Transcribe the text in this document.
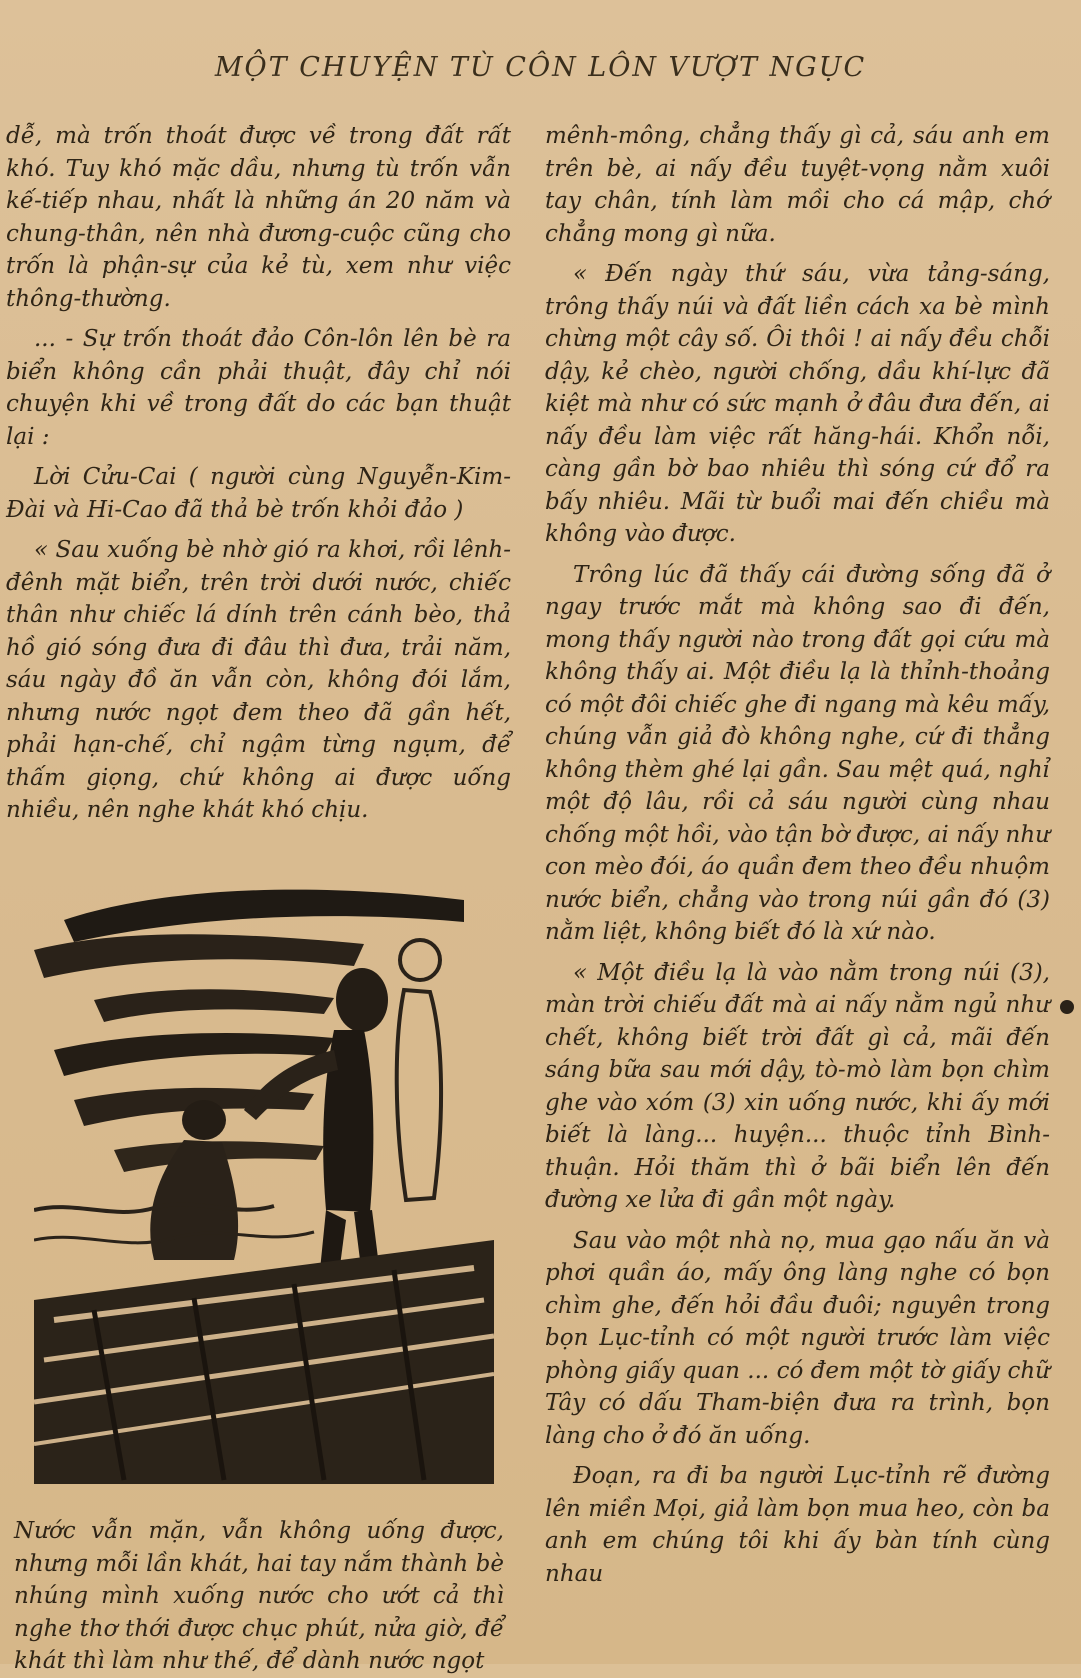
MỘT CHUYỆN TÙ CÔN LÔN VƯỢT NGỤC

dễ, mà trốn thoát được về trong đất rất khó. Tuy khó mặc dầu, nhưng tù trốn vẫn kế-tiếp nhau, nhất là những án 20 năm và chung-thân, nên nhà đương-cuộc cũng cho trốn là phận-sự của kẻ tù, xem như việc thông-thường.

... - Sự trốn thoát đảo Côn-lôn lên bè ra biển không cần phải thuật, đây chỉ nói chuyện khi về trong đất do các bạn thuật lại :

Lời Cửu-Cai ( người cùng Nguyễn-Kim-Đài và Hi-Cao đã thả bè trốn khỏi đảo )

« Sau xuống bè nhờ gió ra khơi, rồi lênh-đênh mặt biển, trên trời dưới nước, chiếc thân như chiếc lá dính trên cánh bèo, thả hồ gió sóng đưa đi đâu thì đưa, trải năm, sáu ngày đồ ăn vẫn còn, không đói lắm, nhưng nước ngọt đem theo đã gần hết, phải hạn-chế, chỉ ngậm từng ngụm, để thấm giọng, chứ không ai được uống nhiều, nên nghe khát khó chịu.

Nước vẫn mặn, vẫn không uống được, nhưng mỗi lần khát, hai tay nắm thành bè nhúng mình xuống nước cho ướt cả thì nghe thơ thới được chục phút, nửa giờ, để khát thì làm như thế, để dành nước ngọt

mênh-mông, chẳng thấy gì cả, sáu anh em trên bè, ai nấy đều tuyệt-vọng nằm xuôi tay chân, tính làm mồi cho cá mập, chớ chẳng mong gì nữa.

« Đến ngày thứ sáu, vừa tảng-sáng, trông thấy núi và đất liền cách xa bè mình chừng một cây số. Ôi thôi ! ai nấy đều chỗi dậy, kẻ chèo, người chống, dầu khí-lực đã kiệt mà như có sức mạnh ở đâu đưa đến, ai nấy đều làm việc rất hăng-hái. Khổn nỗi, càng gần bờ bao nhiêu thì sóng cứ đổ ra bấy nhiêu. Mãi từ buổi mai đến chiều mà không vào được.

Trông lúc đã thấy cái đường sống đã ở ngay trước mắt mà không sao đi đến, mong thấy người nào trong đất gọi cứu mà không thấy ai. Một điều lạ là thỉnh-thoảng có một đôi chiếc ghe đi ngang mà kêu mấy, chúng vẫn giả đò không nghe, cứ đi thẳng không thèm ghé lại gần. Sau mệt quá, nghỉ một độ lâu, rồi cả sáu người cùng nhau chống một hồi, vào tận bờ được, ai nấy như con mèo đói, áo quần đem theo đều nhuộm nước biển, chẳng vào trong núi gần đó (3) nằm liệt, không biết đó là xứ nào.

« Một điều lạ là vào nằm trong núi (3), màn trời chiếu đất mà ai nấy nằm ngủ như chết, không biết trời đất gì cả, mãi đến sáng bữa sau mới dậy, tò-mò làm bọn chìm ghe vào xóm (3) xin uống nước, khi ấy mới biết là làng... huyện... thuộc tỉnh Bình-thuận. Hỏi thăm thì ở bãi biển lên đến đường xe lửa đi gần một ngày.

Sau vào một nhà nọ, mua gạo nấu ăn và phơi quần áo, mấy ông làng nghe có bọn chìm ghe, đến hỏi đầu đuôi; nguyên trong bọn Lục-tỉnh có một người trước làm việc phòng giấy quan ... có đem một tờ giấy chữ Tây có dấu Tham-biện đưa ra trình, bọn làng cho ở đó ăn uống.

Đoạn, ra đi ba người Lục-tỉnh rẽ đường lên miền Mọi, giả làm bọn mua heo, còn ba anh em chúng tôi khi ấy bàn tính cùng nhau
